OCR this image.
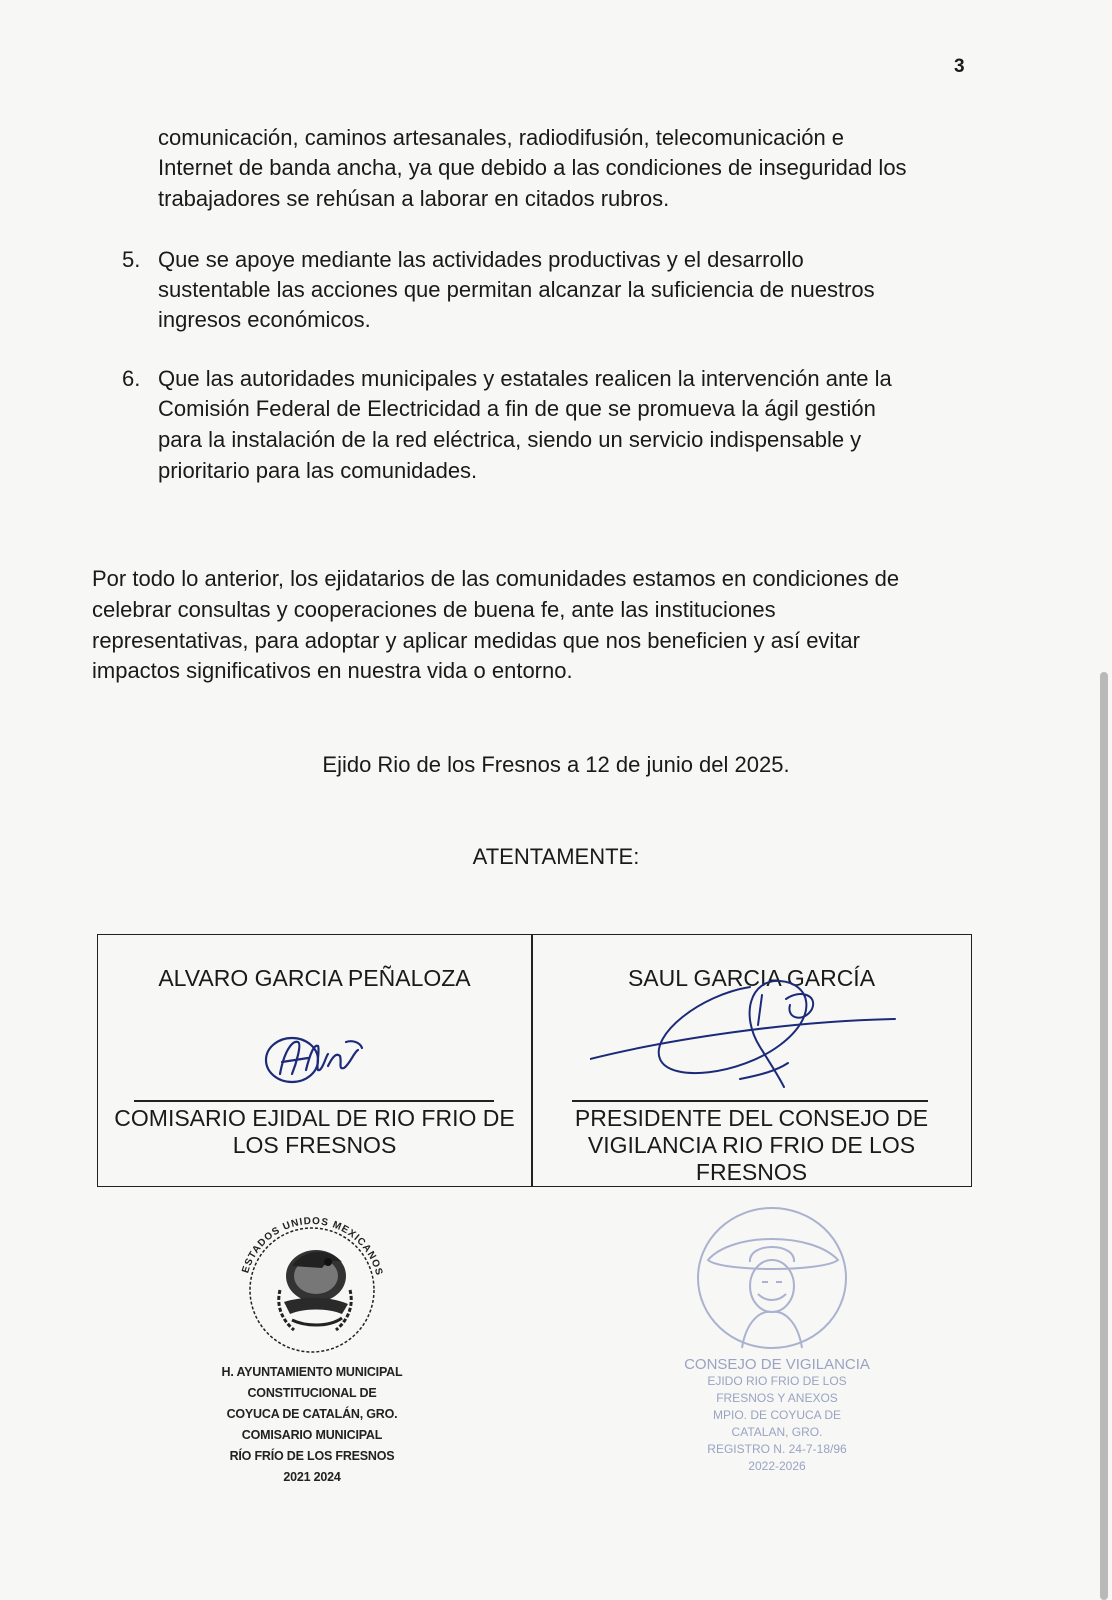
3
comunicación, caminos artesanales, radiodifusión, telecomunicación e
Internet de banda ancha, ya que debido a las condiciones de inseguridad los
trabajadores se rehúsan a laborar en citados rubros.
5. Que se apoye mediante las actividades productivas y el desarrollo
sustentable las acciones que permitan alcanzar la suficiencia de nuestros
ingresos económicos.
6. Que las autoridades municipales y estatales realicen la intervención ante la
Comisión Federal de Electricidad a fin de que se promueva la ágil gestión
para la instalación de la red eléctrica, siendo un servicio indispensable y
prioritario para las comunidades.
Por todo lo anterior, los ejidatarios de las comunidades estamos en condiciones de
celebrar consultas y cooperaciones de buena fe, ante las instituciones
representativas, para adoptar y aplicar medidas que nos beneficien y así evitar
impactos significativos en nuestra vida o entorno.
Ejido Rio de los Fresnos a 12 de junio del 2025.
ATENTAMENTE:
ALVARO GARCIA PEÑALOZA
COMISARIO EJIDAL DE RIO FRIO DE
LOS FRESNOS
SAUL GARCIA GARCÍA
PRESIDENTE DEL CONSEJO DE
VIGILANCIA RIO FRIO DE LOS
FRESNOS
ESTADOS UNIDOS MEXICANOS
H. AYUNTAMIENTO MUNICIPAL
CONSTITUCIONAL DE
COYUCA DE CATALÁN, GRO.
COMISARIO MUNICIPAL
RÍO FRÍO DE LOS FRESNOS
2021 2024
CONSEJO DE VIGILANCIA
EJIDO RIO FRIO DE LOS
FRESNOS Y ANEXOS
MPIO. DE COYUCA DE
CATALAN, GRO.
REGISTRO N. 24-7-18/96
2022-2026
